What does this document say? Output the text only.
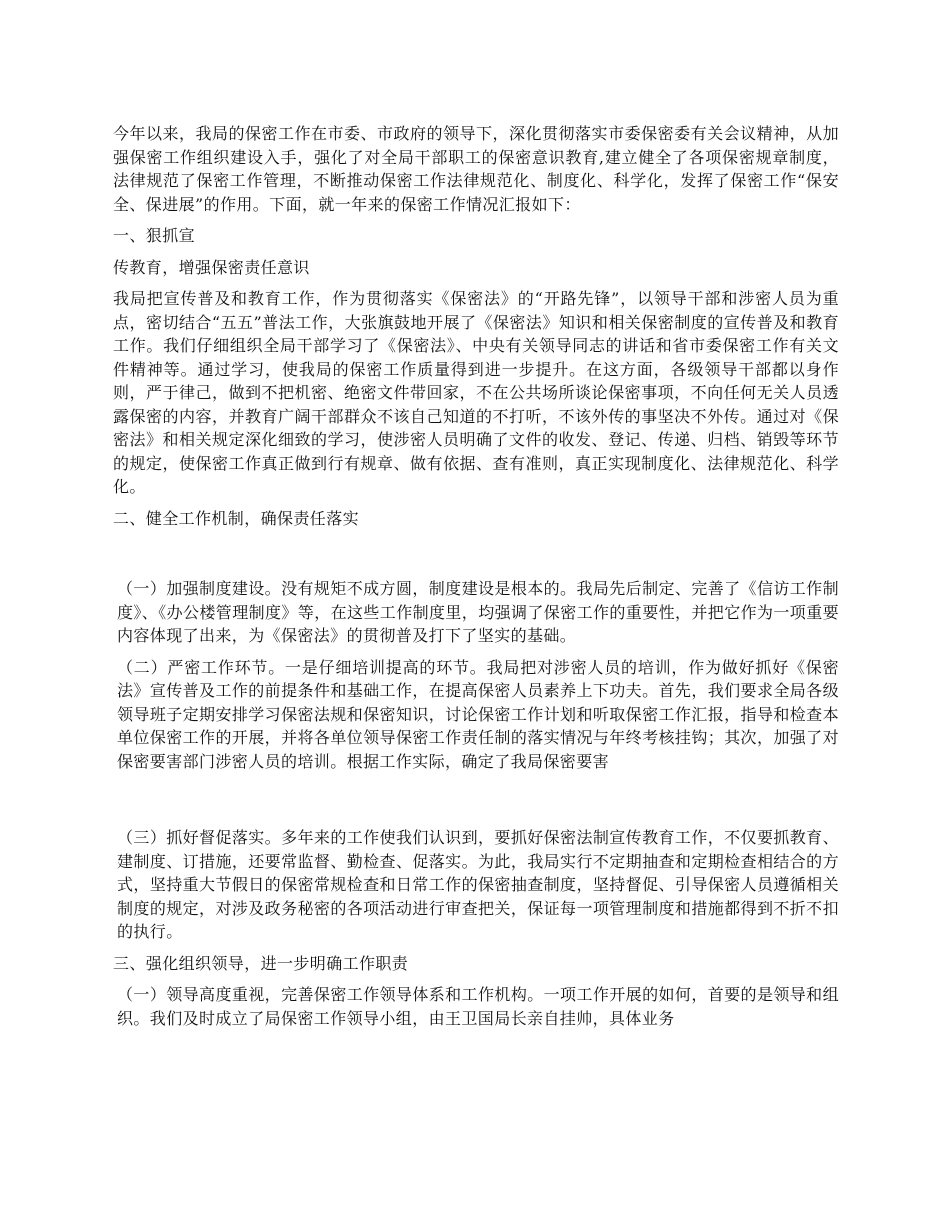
今年以来，我局的保密工作在市委、市政府的领导下，深化贯彻落实市委保密委有关会议精神，从加强保密工作组织建设入手，强化了对全局干部职工的保密意识教育,建立健全了各项保密规章制度，法律规范了保密工作管理，不断推动保密工作法律规范化、制度化、科学化，发挥了保密工作“保安全、保进展”的作用。下面，就一年来的保密工作情况汇报如下：

一、狠抓宣

传教育，增强保密责任意识

我局把宣传普及和教育工作，作为贯彻落实《保密法》的“开路先锋”，以领导干部和涉密人员为重点，密切结合“五五”普法工作，大张旗鼓地开展了《保密法》知识和相关保密制度的宣传普及和教育工作。我们仔细组织全局干部学习了《保密法》、中央有关领导同志的讲话和省市委保密工作有关文件精神等。通过学习，使我局的保密工作质量得到进一步提升。在这方面，各级领导干部都以身作则，严于律己，做到不把机密、绝密文件带回家，不在公共场所谈论保密事项，不向任何无关人员透露保密的内容，并教育广阔干部群众不该自己知道的不打听，不该外传的事坚决不外传。通过对《保密法》和相关规定深化细致的学习，使涉密人员明确了文件的收发、登记、传递、归档、销毁等环节的规定，使保密工作真正做到行有规章、做有依据、查有准则，真正实现制度化、法律规范化、科学化。

二、健全工作机制，确保责任落实

（一）加强制度建设。没有规矩不成方圆，制度建设是根本的。我局先后制定、完善了《信访工作制度》、《办公楼管理制度》等，在这些工作制度里，均强调了保密工作的重要性，并把它作为一项重要内容体现了出来，为《保密法》的贯彻普及打下了坚实的基础。

（二）严密工作环节。一是仔细培训提高的环节。我局把对涉密人员的培训，作为做好抓好《保密法》宣传普及工作的前提条件和基础工作，在提高保密人员素养上下功夫。首先，我们要求全局各级领导班子定期安排学习保密法规和保密知识，讨论保密工作计划和听取保密工作汇报，指导和检查本单位保密工作的开展，并将各单位领导保密工作责任制的落实情况与年终考核挂钩；其次，加强了对保密要害部门涉密人员的培训。根据工作实际，确定了我局保密要害

（三）抓好督促落实。多年来的工作使我们认识到，要抓好保密法制宣传教育工作，不仅要抓教育、建制度、订措施，还要常监督、勤检查、促落实。为此，我局实行不定期抽查和定期检查相结合的方式，坚持重大节假日的保密常规检查和日常工作的保密抽查制度，坚持督促、引导保密人员遵循相关制度的规定，对涉及政务秘密的各项活动进行审查把关，保证每一项管理制度和措施都得到不折不扣的执行。

三、强化组织领导，进一步明确工作职责

（一）领导高度重视，完善保密工作领导体系和工作机构。一项工作开展的如何，首要的是领导和组织。我们及时成立了局保密工作领导小组，由王卫国局长亲自挂帅，具体业务
